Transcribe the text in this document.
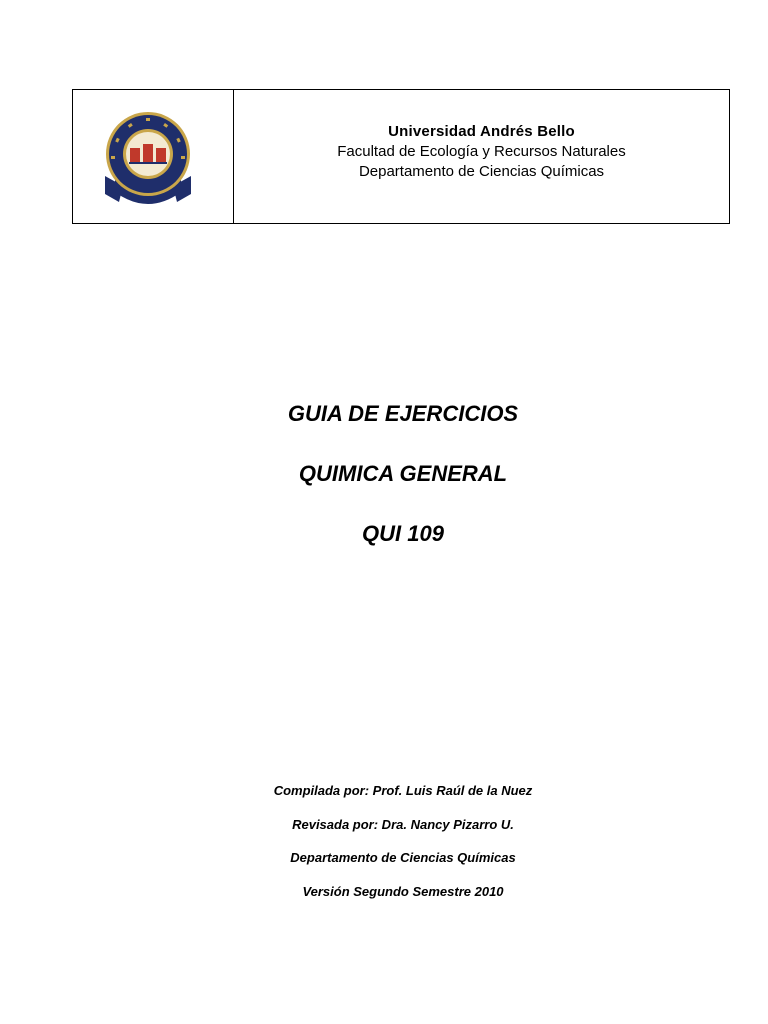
Universidad Andrés Bello
Facultad de Ecología y Recursos Naturales
Departamento de Ciencias Químicas
GUIA DE EJERCICIOS
QUIMICA GENERAL
QUI 109
Compilada por: Prof. Luis Raúl de la Nuez
Revisada por: Dra. Nancy Pizarro U.
Departamento de Ciencias Químicas
Versión Segundo Semestre 2010
